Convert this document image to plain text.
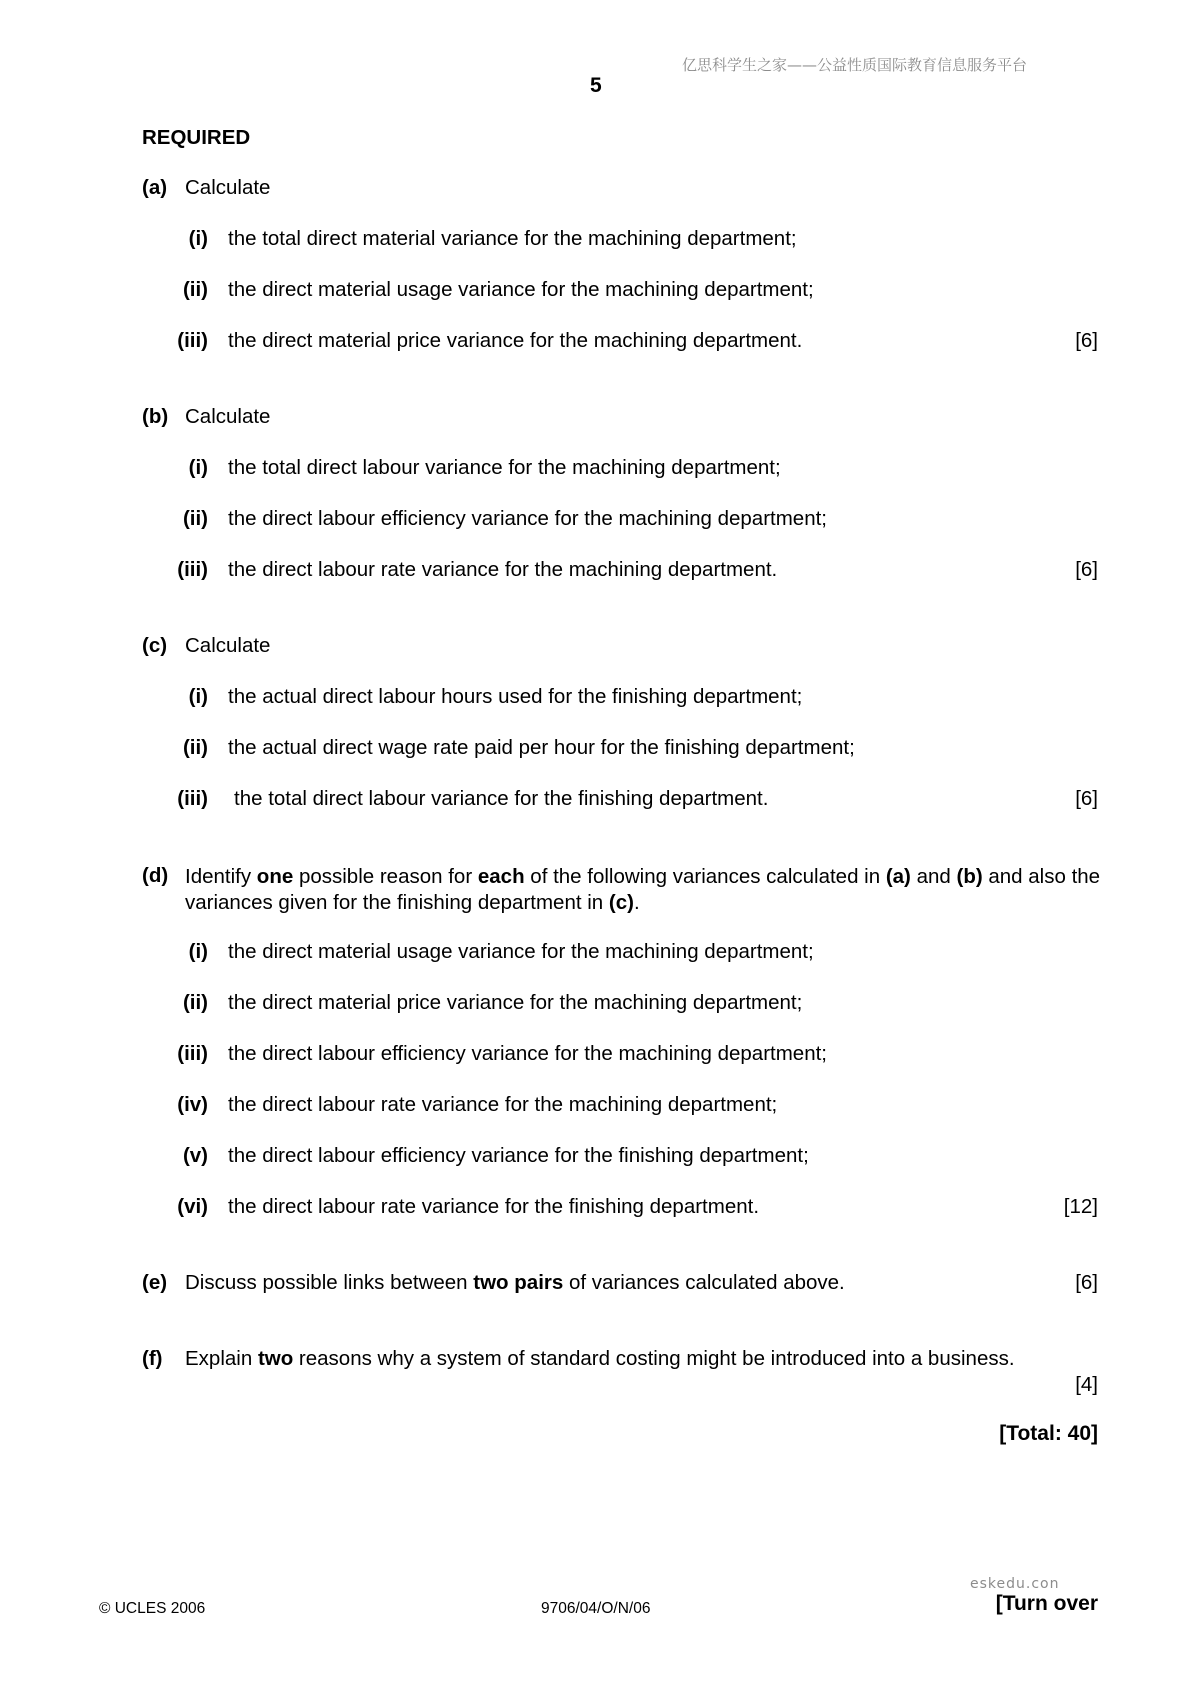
亿思科学生之家——公益性质国际教育信息服务平台
5
REQUIRED
(a) Calculate
(i) the total direct material variance for the machining department;
(ii) the direct material usage variance for the machining department;
(iii) the direct material price variance for the machining department.	[6]
(b) Calculate
(i) the total direct labour variance for the machining department;
(ii) the direct labour efficiency variance for the machining department;
(iii) the direct labour rate variance for the machining department.	[6]
(c) Calculate
(i) the actual direct labour hours used for the finishing department;
(ii) the actual direct wage rate paid per hour for the finishing department;
(iii) the total direct labour variance for the finishing department.	[6]
(d) Identify one possible reason for each of the following variances calculated in (a) and (b) and also the variances given for the finishing department in (c).
(i) the direct material usage variance for the machining department;
(ii) the direct material price variance for the machining department;
(iii) the direct labour efficiency variance for the machining department;
(iv) the direct labour rate variance for the machining department;
(v) the direct labour efficiency variance for the finishing department;
(vi) the direct labour rate variance for the finishing department.	[12]
(e) Discuss possible links between two pairs of variances calculated above.	[6]
(f) Explain two reasons why a system of standard costing might be introduced into a business.
[4]
[Total: 40]
eskedu.con
© UCLES 2006	9706/04/O/N/06	[Turn over
